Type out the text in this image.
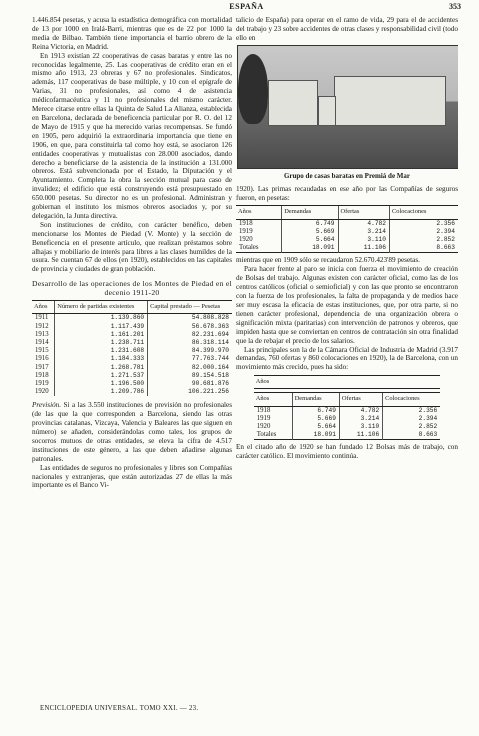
ESPAÑA	353

1.446.854 pesetas, y acusa la estadística demográfica con mortalidad de 13 por 1000 en Iralá-Barri, mientras que es de 22 por 1000 la media de Bilbao. También tiene importancia el barrio obrero de la Reina Victoria, en Madrid.

En 1913 existían 22 cooperativas de casas baratas y entre las no reconocidas legalmente, 25. Las cooperativas de crédito eran en el mismo año 1913, 23 obreras y 67 no profesionales. Sindicatos, además, 117 cooperativas de base múltiple, y 10 con el epígrafe de Varias, 31 no profesionales, así como 4 de asistencia médicofarmacéutica y 11 no profesionales del mismo carácter. Merece citarse entre ellas la Quinta de Salud La Alianza, establecida en Barcelona, declarada de beneficencia particular por R. O. del 12 de Mayo de 1915 y que ha merecido varias recompensas. Se fundó en 1905, pero adquirió la extraordinaria importancia que tiene en 1906, en que, para constituirla tal como hoy está, se asociaron 126 entidades cooperativas y mutualistas con 28.000 asociados, dando derecho a beneficiarse de la asistencia de la institución a 131.000 obreros. Está subvencionada por el Estado, la Diputación y el Ayuntamiento. Completa la obra la sección mutual para caso de invalidez; el edificio que está construyendo está presupuestado en 650.000 pesetas. Su director no es un profesional. Administran y gobiernan el instituto los mismos obreros asociados y, por su delegación, la Junta directiva.

Son instituciones de crédito, con carácter benéfico, deben mencionarse los Montes de Piedad (V. Monte) y la sección de Beneficencia en el presente artículo, que realizan préstamos sobre alhajas y mobiliario de interés para libres a las clases humildes de la usura. Se cuentan 67 de ellos (en 1920), establecidos en las capitales de provincia y ciudades de gran población.

Desarrollo de las operaciones de los Montes de Piedad en el decenio 1911-20
Años	Número de partidas existentes	Capital prestado — Pesetas
1911	1.139.860	54.808.828
1912	1.117.439	56.678.363
1913	1.161.201	82.231.694
1914	1.238.711	86.318.114
1915	1.231.608	84.399.970
1916	1.184.333	77.763.744
1917	1.268.781	82.000.164
1918	1.271.537	89.154.518
1919	1.196.500	90.681.876
1920	1.209.786	106.221.256

Previsión. Si a las 3.550 instituciones de previsión no profesionales (de las que la que corresponden a Barcelona, siendo las otras provincias catalanas, Vizcaya, Valencia y Baleares las que siguen en número) se añaden, considerándolas como tales, los grupos de socorros mutuos de otras entidades, se eleva la cifra de 4.517 instituciones de este género, a las que deben añadirse algunas patronales.

Las entidades de seguros no profesionales y libres son Compañías nacionales y extranjeras, que están autorizadas 27 de ellas la más importante es el Banco Vi-

talicio de España) para operar en el ramo de vida, 29 para el de accidentes del trabajo y 23 sobre accidentes de otras clases y responsabilidad civil (todo ello en

Grupo de casas baratas en Premiá de Mar

1920). Las primas recaudadas en ese año por las Compañías de seguros fueron, en pesetas:

Años	Demandas	Ofertas	Colocaciones
1918	6.749	4.782	2.356
1919	5.669	3.214	2.394
1920	5.664	3.110	2.852
Totales	18.091	11.106	8.663

mientras que en 1909 sólo se recaudaron 52.670.423'89 pesetas.

Para hacer frente al paro se inicia con fuerza el movimiento de creación de Bolsas del trabajo. Algunas existen con carácter oficial, como las de los centros católicos (oficial o semioficial) y con las que pronto se encontraron con la fuerza de los profesionales, la falta de propaganda y de medios hace ser muy escasa la eficacia de estas instituciones, que, por otra parte, si no tienen carácter profesional, dependencia de una organización obrera o significación mixta (paritarias) con intervención de patronos y obreros, que impiden hasta que se conviertan en centros de contratación sin otra finalidad que la de rebajar el precio de los salarios.

Las principales son la de la Cámara Oficial de Industria de Madrid (3.917 demandas, 760 ofertas y 860 colocaciones en 1920), la de Barcelona, con un movimiento más crecido, pues ha sido:

Años
Años	Demandas	Ofertas	Colocaciones
1918	6.749	4.782	2.356
1919	5.669	3.214	2.394
1920	5.664	3.110	2.852
Totales	18.091	11.106	8.663

En el citado año de 1920 se han fundado 12 Bolsas más de trabajo, con carácter católico. El movimiento continúa.

ENCICLOPEDIA UNIVERSAL. TOMO XXI. — 23.
